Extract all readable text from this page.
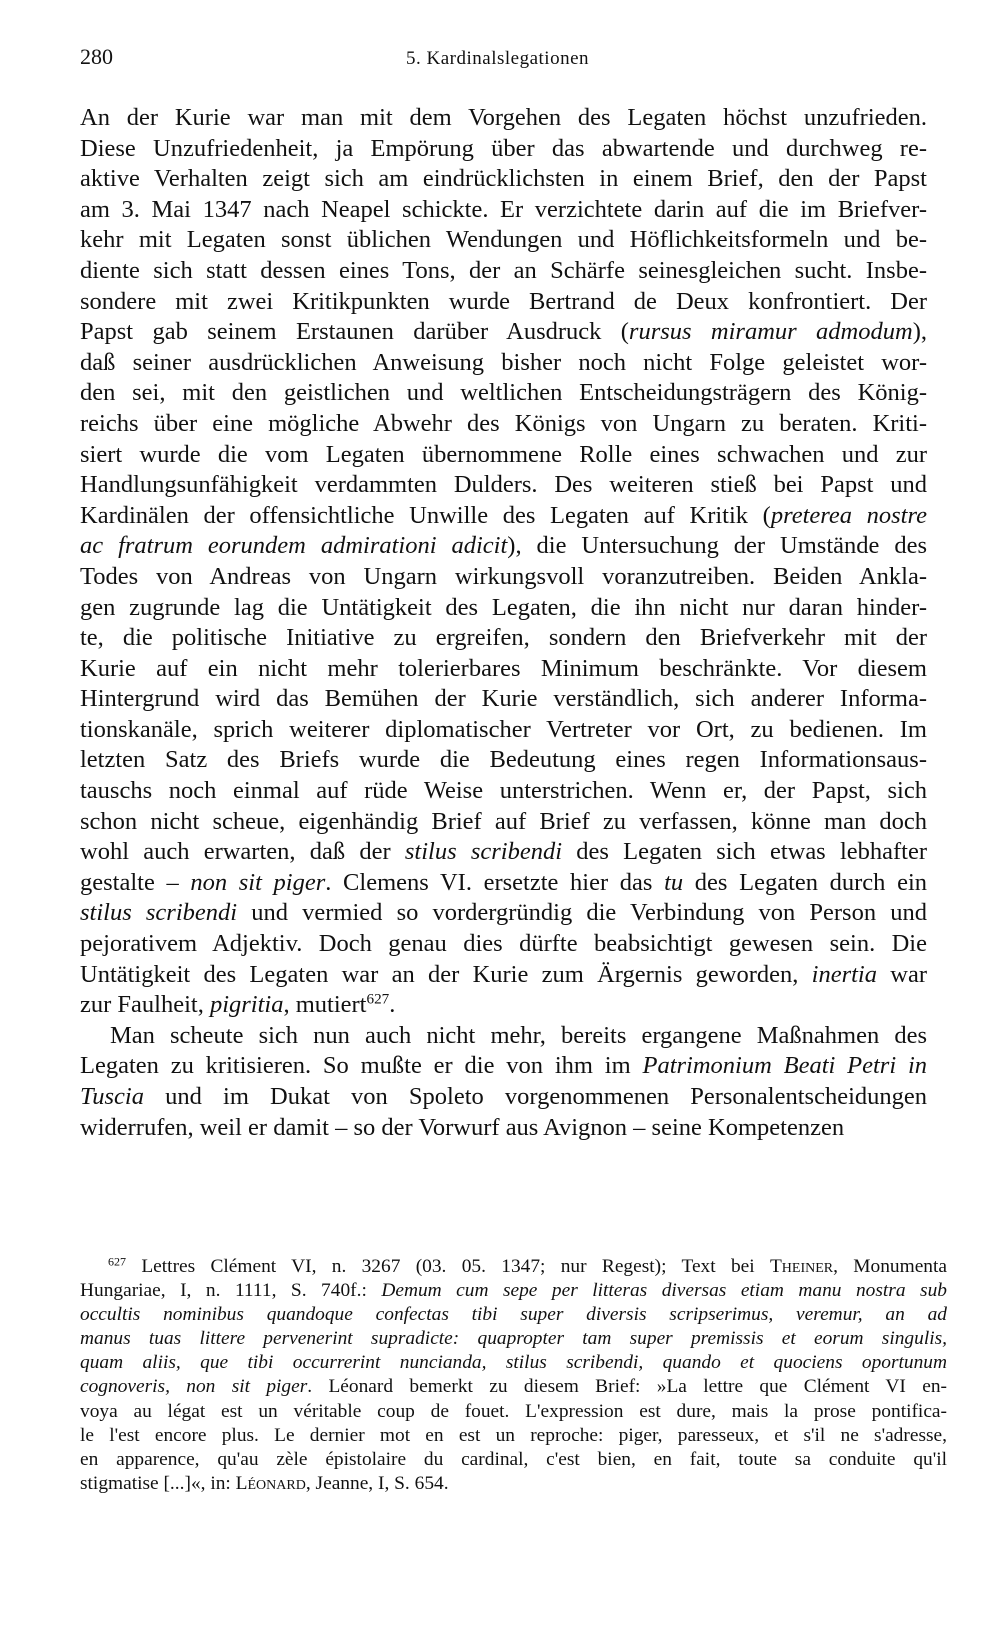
280	5. Kardinalslegationen
An der Kurie war man mit dem Vorgehen des Legaten höchst unzufrieden.
Diese Unzufriedenheit, ja Empörung über das abwartende und durchweg re-
aktive Verhalten zeigt sich am eindrücklichsten in einem Brief, den der Papst
am 3. Mai 1347 nach Neapel schickte. Er verzichtete darin auf die im Briefver-
kehr mit Legaten sonst üblichen Wendungen und Höflichkeitsformeln und be-
diente sich statt dessen eines Tons, der an Schärfe seinesgleichen sucht. Insbe-
sondere mit zwei Kritikpunkten wurde Bertrand de Deux konfrontiert. Der
Papst gab seinem Erstaunen darüber Ausdruck (rursus miramur admodum),
daß seiner ausdrücklichen Anweisung bisher noch nicht Folge geleistet wor-
den sei, mit den geistlichen und weltlichen Entscheidungsträgern des König-
reichs über eine mögliche Abwehr des Königs von Ungarn zu beraten. Kriti-
siert wurde die vom Legaten übernommene Rolle eines schwachen und zur
Handlungsunfähigkeit verdammten Dulders. Des weiteren stieß bei Papst und
Kardinälen der offensichtliche Unwille des Legaten auf Kritik (preterea nostre
ac fratrum eorundem admirationi adicit), die Untersuchung der Umstände des
Todes von Andreas von Ungarn wirkungsvoll voranzutreiben. Beiden Ankla-
gen zugrunde lag die Untätigkeit des Legaten, die ihn nicht nur daran hinder-
te, die politische Initiative zu ergreifen, sondern den Briefverkehr mit der
Kurie auf ein nicht mehr tolerierbares Minimum beschränkte. Vor diesem
Hintergrund wird das Bemühen der Kurie verständlich, sich anderer Informa-
tionskanäle, sprich weiterer diplomatischer Vertreter vor Ort, zu bedienen. Im
letzten Satz des Briefs wurde die Bedeutung eines regen Informationsaus-
tauschs noch einmal auf rüde Weise unterstrichen. Wenn er, der Papst, sich
schon nicht scheue, eigenhändig Brief auf Brief zu verfassen, könne man doch
wohl auch erwarten, daß der stilus scribendi des Legaten sich etwas lebhafter
gestalte – non sit piger. Clemens VI. ersetzte hier das tu des Legaten durch ein
stilus scribendi und vermied so vordergründig die Verbindung von Person und
pejorativem Adjektiv. Doch genau dies dürfte beabsichtigt gewesen sein. Die
Untätigkeit des Legaten war an der Kurie zum Ärgernis geworden, inertia war
zur Faulheit, pigritia, mutiert$^{627}$.
Man scheute sich nun auch nicht mehr, bereits ergangene Maßnahmen des
Legaten zu kritisieren. So mußte er die von ihm im Patrimonium Beati Petri in
Tuscia und im Dukat von Spoleto vorgenommenen Personalentscheidungen
widerrufen, weil er damit – so der Vorwurf aus Avignon – seine Kompetenzen
$^{627}$ Lettres Clément VI, n. 3267 (03. 05. 1347; nur Regest); Text bei Theiner, Monumenta
Hungariae, I, n. 1111, S. 740f.: Demum cum sepe per litteras diversas etiam manu nostra sub
occultis nominibus quandoque confectas tibi super diversis scripserimus, veremur, an ad
manus tuas littere pervenerint supradicte: quapropter tam super premissis et eorum singulis,
quam aliis, que tibi occurrerint nuncianda, stilus scribendi, quando et quociens oportunum
cognoveris, non sit piger. Léonard bemerkt zu diesem Brief: »La lettre que Clément VI en-
voya au légat est un véritable coup de fouet. L'expression est dure, mais la prose pontifica-
le l'est encore plus. Le dernier mot en est un reproche: piger, paresseux, et s'il ne s'adresse,
en apparence, qu'au zèle épistolaire du cardinal, c'est bien, en fait, toute sa conduite qu'il
stigmatise [...]«, in: Léonard, Jeanne, I, S. 654.
